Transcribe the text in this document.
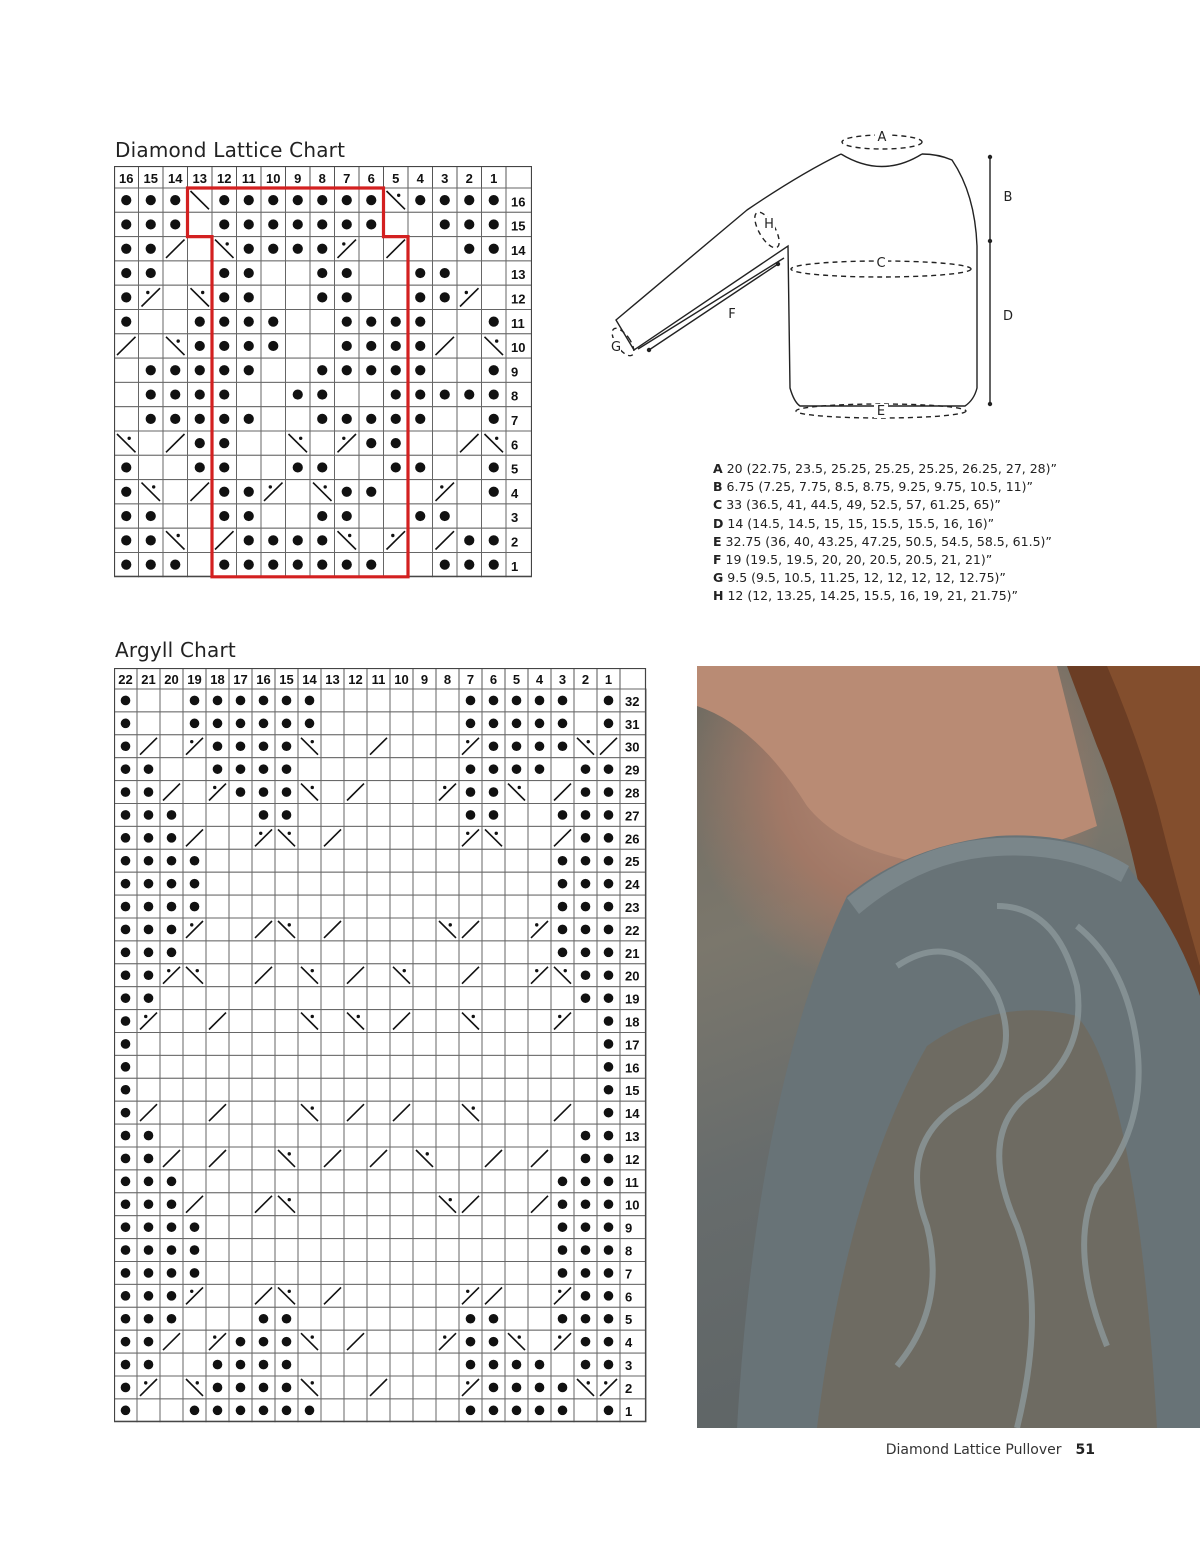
Diamond Lattice Chart
16 15 14 13 12 11 10 9 8 7 6 5 4 3 2 1
16
15
14
13
12
11
10
9
8
7
6
5
4
3
2
1
Argyll Chart
22 21 20 19 18 17 16 15 14 13 12 11 10 9 8 7 6 5 4 3 2 1
32
31
30
29
28
27
26
25
24
23
22
21
20
19
18
17
16
15
14
13
12
11
10
9
8
7
6
5
4
3
2
1
A
B
C
D
E
F
G
H
A 20 (22.75, 23.5, 25.25, 25.25, 25.25, 26.25, 27, 28)”
B 6.75 (7.25, 7.75, 8.5, 8.75, 9.25, 9.75, 10.5, 11)”
C 33 (36.5, 41, 44.5, 49, 52.5, 57, 61.25, 65)”
D 14 (14.5, 14.5, 15, 15, 15.5, 15.5, 16, 16)”
E 32.75 (36, 40, 43.25, 47.25, 50.5, 54.5, 58.5, 61.5)”
F 19 (19.5, 19.5, 20, 20, 20.5, 20.5, 21, 21)”
G 9.5 (9.5, 10.5, 11.25, 12, 12, 12, 12, 12.75)”
H 12 (12, 13.25, 14.25, 15.5, 16, 19, 21, 21.75)”
Diamond Lattice Pullover 51
